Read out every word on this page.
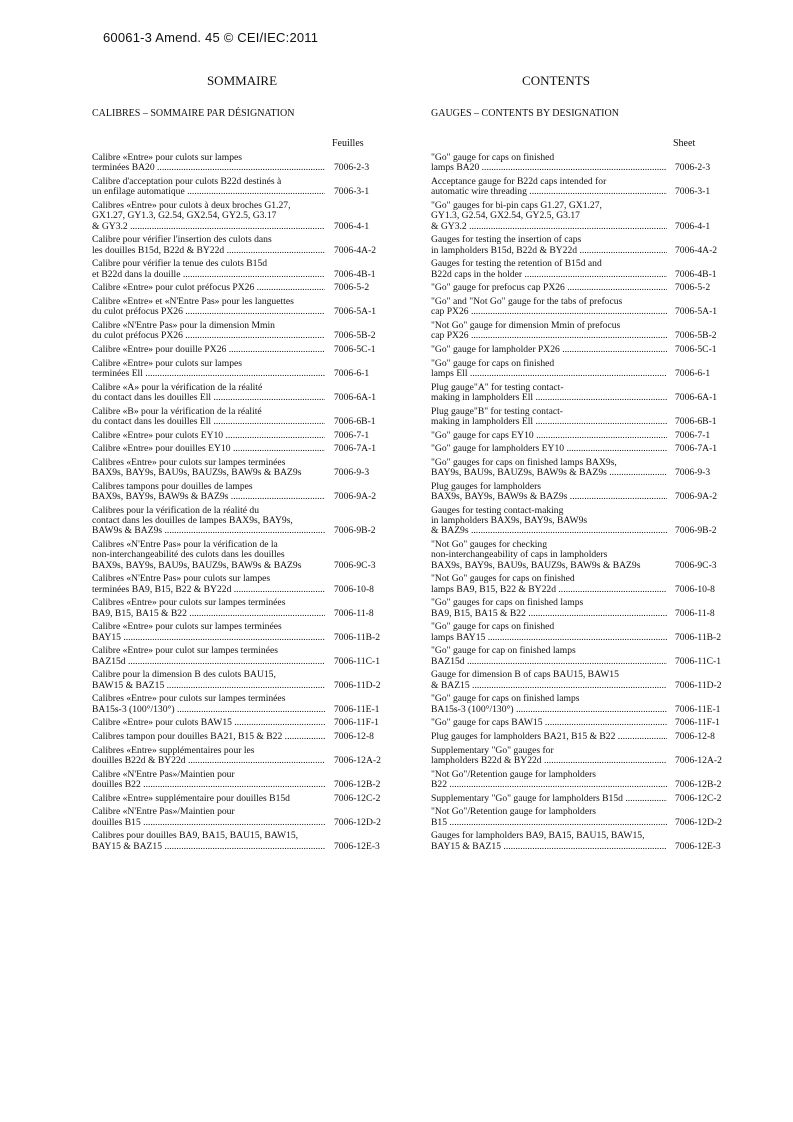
60061-3 Amend. 45 © CEI/IEC:2011
SOMMAIRE	CONTENTS
CALIBRES – SOMMAIRE PAR DÉSIGNATION	GAUGES – CONTENTS BY DESIGNATION
Feuilles	Sheet
Calibre «Entre» pour culots sur lampes
terminées BA20 .....	7006-2-3
Calibre d'acceptation pour culots B22d destinés à
un enfilage automatique .....	7006-3-1
Calibres «Entre» pour culots à deux broches G1.27,
GX1.27, GY1.3, G2.54, GX2.54, GY2.5, G3.17
& GY3.2 .....	7006-4-1
Calibre pour vérifier l'insertion des culots dans
les douilles B15d, B22d & BY22d .....	7006-4A-2
Calibre pour vérifier la tenue des culots B15d
et B22d dans la douille .....	7006-4B-1
Calibre «Entre» pour culot préfocus PX26 .....	7006-5-2
Calibre «Entre» et «N'Entre Pas» pour les languettes
du culot préfocus PX26 .....	7006-5A-1
Calibre «N'Entre Pas» pour la dimension Mmin
du culot préfocus PX26 .....	7006-5B-2
Calibre «Entre» pour douille PX26 .....	7006-5C-1
Calibre «Entre» pour culots sur lampes
terminées Ell .....	7006-6-1
Calibre «A» pour la vérification de la réalité
du contact dans les douilles Ell .....	7006-6A-1
Calibre «B» pour la vérification de la réalité
du contact dans les douilles Ell .....	7006-6B-1
Calibre «Entre» pour culots EY10 .....	7006-7-1
Calibre «Entre» pour douilles EY10 .....	7006-7A-1
Calibres «Entre» pour culots sur lampes terminées
BAX9s, BAY9s, BAU9s, BAUZ9s, BAW9s & BAZ9s	7006-9-3
Calibres tampons pour douilles de lampes
BAX9s, BAY9s, BAW9s & BAZ9s .....	7006-9A-2
Calibres pour la vérification de la réalité du
contact dans les douilles de lampes BAX9s, BAY9s,
BAW9s & BAZ9s .....	7006-9B-2
Calibres «N'Entre Pas» pour la vérification de la
non-interchangeabilité des culots dans les douilles
BAX9s, BAY9s, BAU9s, BAUZ9s, BAW9s & BAZ9s	7006-9C-3
Calibres «N'Entre Pas» pour culots sur lampes
terminées BA9, B15, B22 & BY22d .....	7006-10-8
Calibres «Entre» pour culots sur lampes terminées
BA9, B15, BA15 & B22 .....	7006-11-8
Calibre «Entre» pour culots sur lampes terminées
BAY15 .....	7006-11B-2
Calibre «Entre» pour culot sur lampes terminées
BAZ15d .....	7006-11C-1
Calibre pour la dimension B des culots BAU15,
BAW15 & BAZ15 .....	7006-11D-2
Calibres «Entre» pour culots sur lampes terminées
BA15s-3 (100°/130°) .....	7006-11E-1
Calibre «Entre» pour culots BAW15 .....	7006-11F-1
Calibres tampon pour douilles BA21, B15 & B22 .....	7006-12-8
Calibres «Entre» supplémentaires pour les
douilles B22d & BY22d .....	7006-12A-2
Calibre «N'Entre Pas»/Maintien pour
douilles B22 .....	7006-12B-2
Calibre «Entre» supplémentaire pour douilles B15d	7006-12C-2
Calibre «N'Entre Pas»/Maintien pour
douilles B15 .....	7006-12D-2
Calibres pour douilles BA9, BA15, BAU15, BAW15,
BAY15 & BAZ15 .....	7006-12E-3
"Go" gauge for caps on finished
lamps BA20 .....	7006-2-3
Acceptance gauge for B22d caps intended for
automatic wire threading .....	7006-3-1
"Go" gauges for bi-pin caps G1.27, GX1.27,
GY1.3, G2.54, GX2.54, GY2.5, G3.17
& GY3.2 .....	7006-4-1
Gauges for testing the insertion of caps
in lampholders B15d, B22d & BY22d .....	7006-4A-2
Gauges for testing the retention of B15d and
B22d caps in the holder .....	7006-4B-1
"Go" gauge for prefocus cap PX26 .....	7006-5-2
"Go" and "Not Go" gauge for the tabs of prefocus
cap PX26 .....	7006-5A-1
"Not Go" gauge for dimension Mmin of prefocus
cap PX26 .....	7006-5B-2
"Go" gauge for lampholder PX26 .....	7006-5C-1
"Go" gauge for caps on finished
lamps Ell .....	7006-6-1
Plug gauge"A" for testing contact-
making in lampholders Ell .....	7006-6A-1
Plug gauge"B" for testing contact-
making in lampholders Ell .....	7006-6B-1
"Go" gauge for caps EY10 .....	7006-7-1
"Go" gauge for lampholders EY10 .....	7006-7A-1
"Go" gauges for caps on finished lamps BAX9s,
BAY9s, BAU9s, BAUZ9s, BAW9s & BAZ9s .....	7006-9-3
Plug gauges for lampholders
BAX9s, BAY9s, BAW9s & BAZ9s .....	7006-9A-2
Gauges for testing contact-making
in lampholders BAX9s, BAY9s, BAW9s
& BAZ9s .....	7006-9B-2
"Not Go" gauges for checking
non-interchangeability of caps in lampholders
BAX9s, BAY9s, BAU9s, BAUZ9s, BAW9s & BAZ9s	7006-9C-3
"Not Go" gauges for caps on finished
lamps BA9, B15, B22 & BY22d .....	7006-10-8
"Go" gauges for caps on finished lamps
BA9, B15, BA15 & B22 .....	7006-11-8
"Go" gauge for caps on finished
lamps BAY15 .....	7006-11B-2
"Go" gauge for cap on finished lamps
BAZ15d .....	7006-11C-1
Gauge for dimension B of caps BAU15, BAW15
& BAZ15 .....	7006-11D-2
"Go" gauge for caps on finished lamps
BA15s-3 (100°/130°) .....	7006-11E-1
"Go" gauge for caps BAW15 .....	7006-11F-1
Plug gauges for lampholders BA21, B15 & B22 .....	7006-12-8
Supplementary "Go" gauges for
lampholders B22d & BY22d .....	7006-12A-2
"Not Go"/Retention gauge for lampholders
B22 .....	7006-12B-2
Supplementary "Go" gauge for lampholders B15d .....	7006-12C-2
"Not Go"/Retention gauge for lampholders
B15 .....	7006-12D-2
Gauges for lampholders BA9, BA15, BAU15, BAW15,
BAY15 & BAZ15 .....	7006-12E-3
